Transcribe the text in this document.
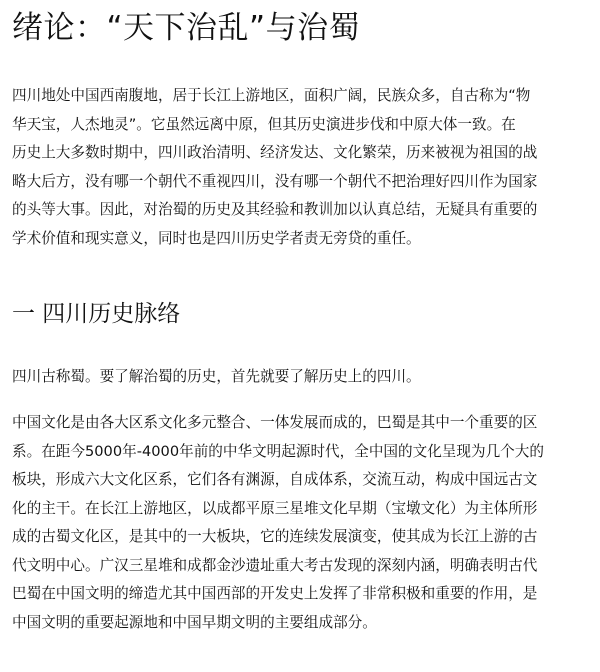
绪论：“天下治乱”与治蜀

四川地处中国西南腹地，居于长江上游地区，面积广阔，民族众多，自古称为“物
华天宝，人杰地灵”。它虽然远离中原，但其历史演进步伐和中原大体一致。在
历史上大多数时期中，四川政治清明、经济发达、文化繁荣，历来被视为祖国的战
略大后方，没有哪一个朝代不重视四川，没有哪一个朝代不把治理好四川作为国家
的头等大事。因此，对治蜀的历史及其经验和教训加以认真总结，无疑具有重要的
学术价值和现实意义，同时也是四川历史学者责无旁贷的重任。

一 四川历史脉络

四川古称蜀。要了解治蜀的历史，首先就要了解历史上的四川。

中国文化是由各大区系文化多元整合、一体发展而成的，巴蜀是其中一个重要的区
系。在距今5000年-4000年前的中华文明起源时代，全中国的文化呈现为几个大的
板块，形成六大文化区系，它们各有渊源，自成体系，交流互动，构成中国远古文
化的主干。在长江上游地区，以成都平原三星堆文化早期（宝墩文化）为主体所形
成的古蜀文化区，是其中的一大板块，它的连续发展演变，使其成为长江上游的古
代文明中心。广汉三星堆和成都金沙遗址重大考古发现的深刻内涵，明确表明古代
巴蜀在中国文明的缔造尤其中国西部的开发史上发挥了非常积极和重要的作用，是
中国文明的重要起源地和中国早期文明的主要组成部分。
